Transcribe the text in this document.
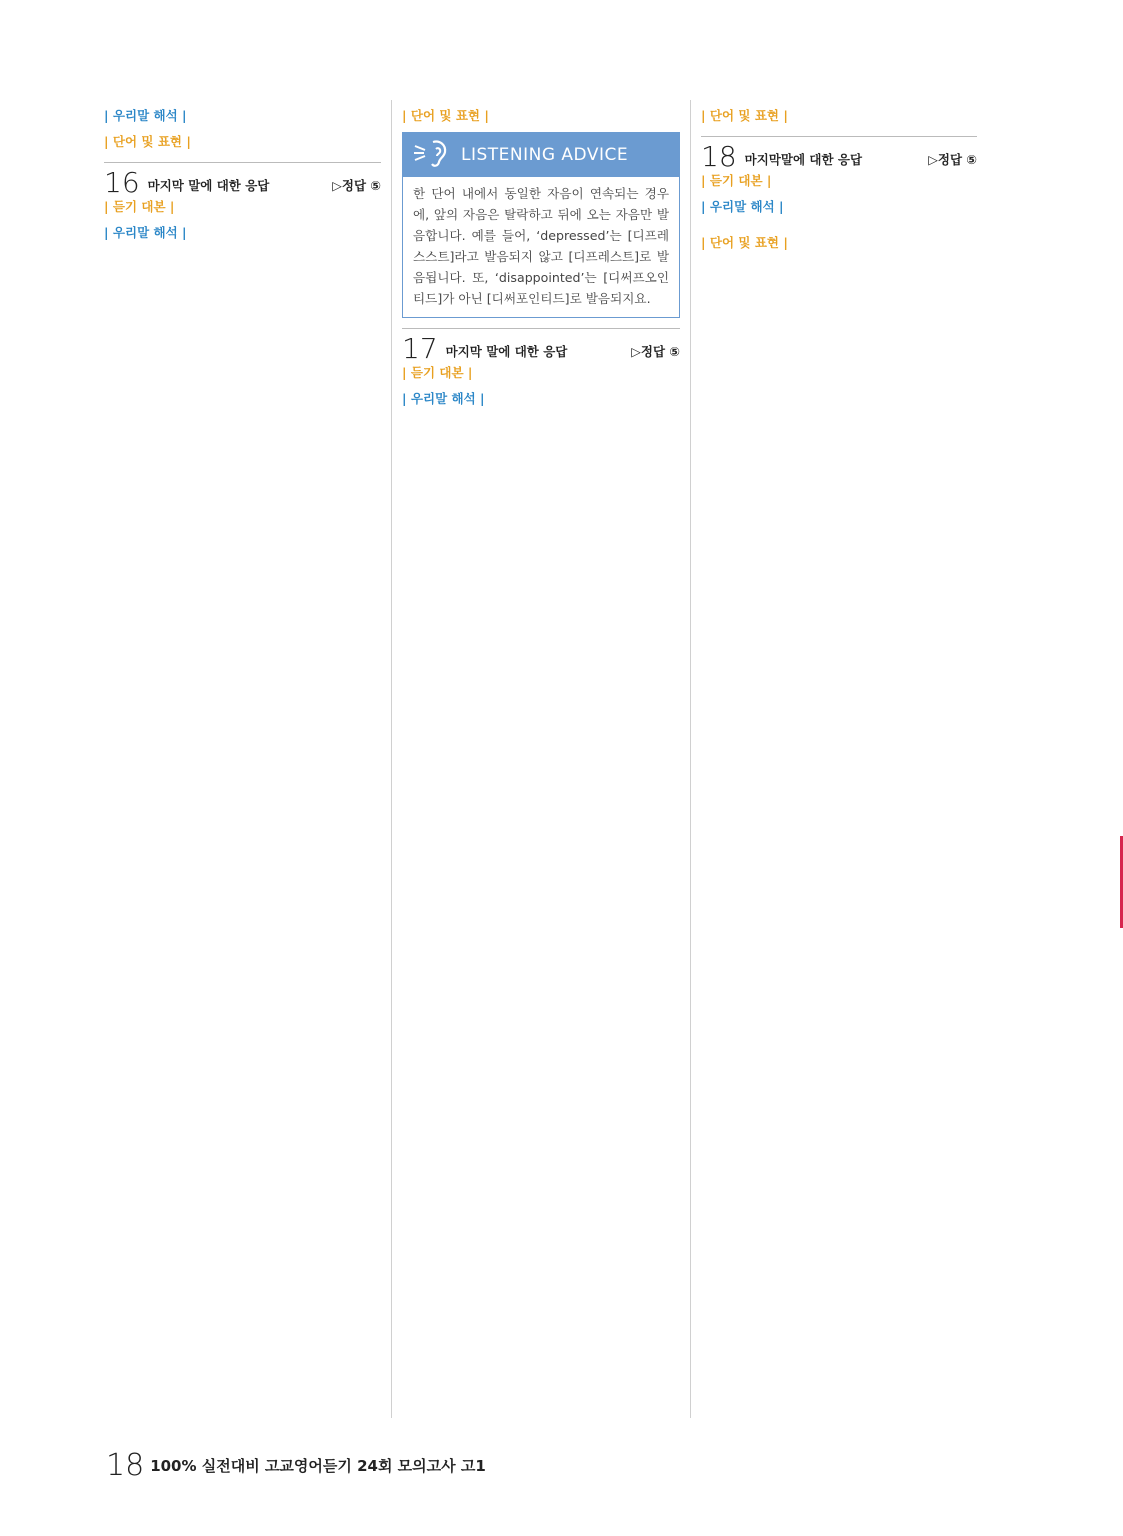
| 우리말 해석 |
| 단어 및 표현 |
16 마지막 말에 대한 응답	▷정답 ⑤
| 듣기 대본 |
| 우리말 해석 |
| 단어 및 표현 |
LISTENING ADVICE
한 단어 내에서 동일한 자음이 연속되는 경우에, 앞의 자음은 탈락하고 뒤에 오는 자음만 발음합니다. 예를 들어, ‘depressed’는 [디프레스스트]라고 발음되지 않고 [디프레스트]로 발음됩니다. 또, ‘disappointed’는 [디써프오인티드]가 아닌 [디써포인티드]로 발음되지요.
17 마지막 말에 대한 응답	▷정답 ⑤
| 듣기 대본 |
| 우리말 해석 |
| 단어 및 표현 |
18 마지막말에 대한 응답	▷정답 ⑤
| 듣기 대본 |
| 우리말 해석 |
| 단어 및 표현 |
18 100% 실전대비 고교영어듣기 24회 모의고사 고1
